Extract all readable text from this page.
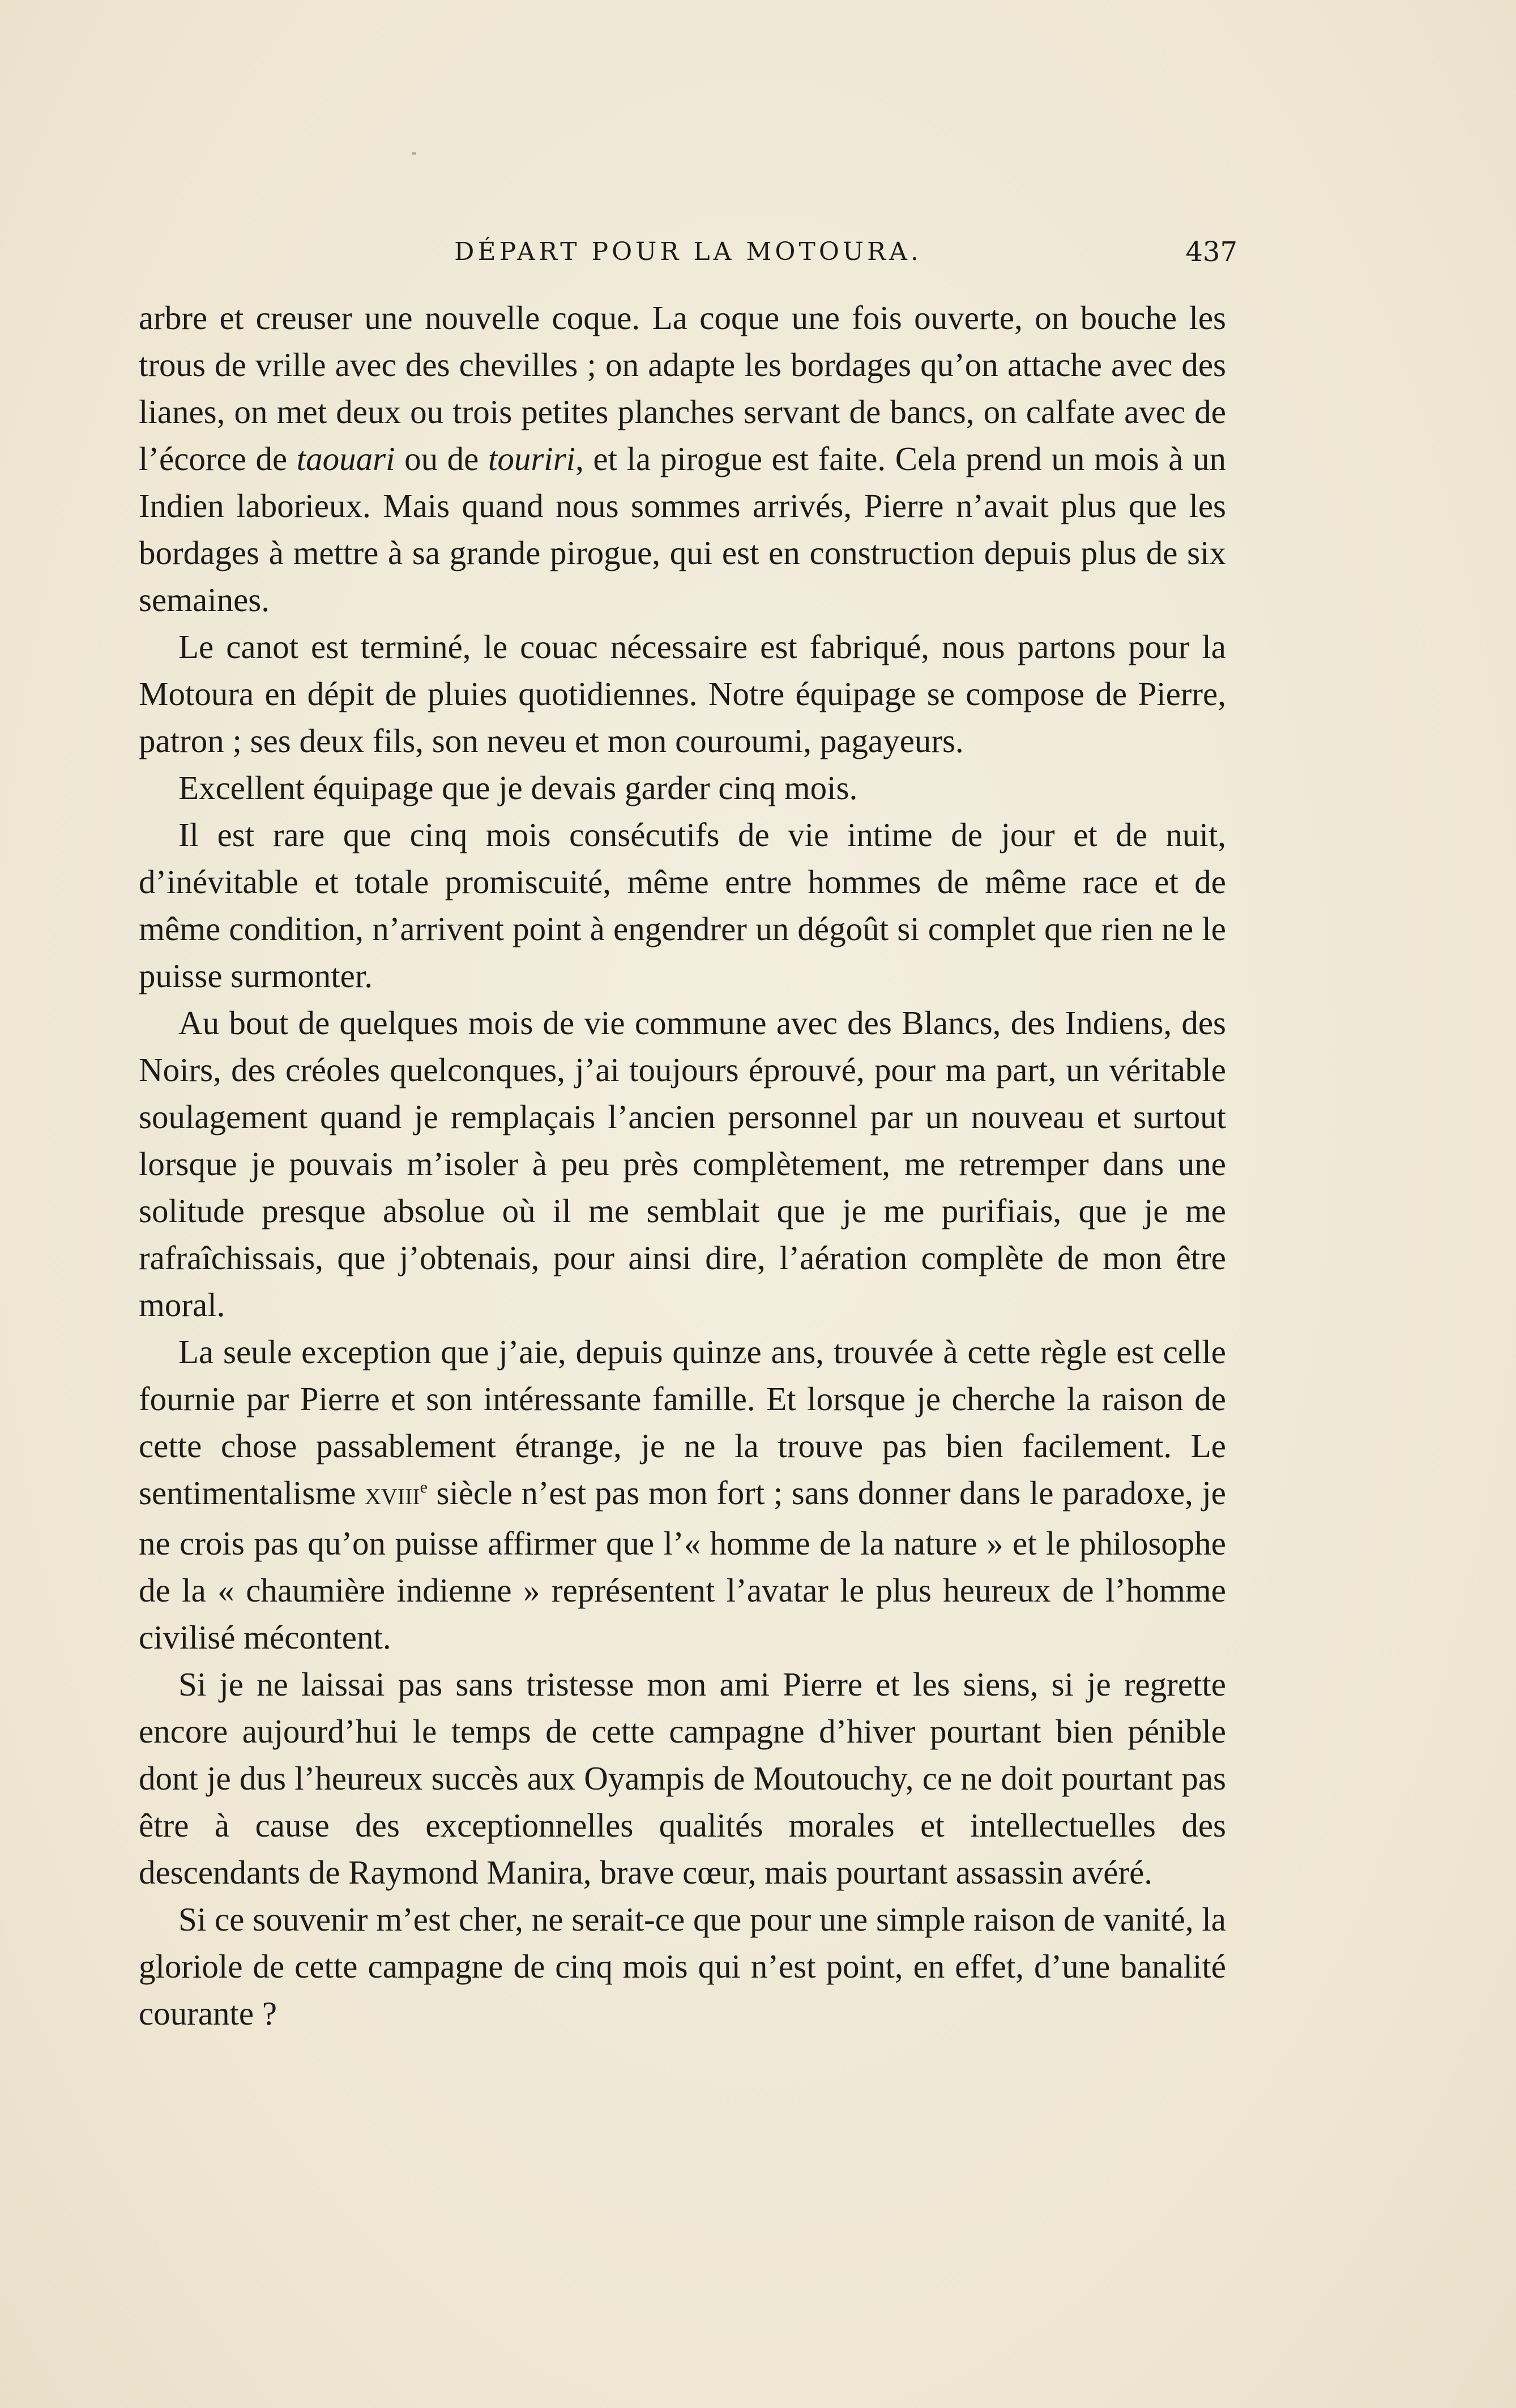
DÉPART POUR LA MOTOURA.	437

arbre et creuser une nouvelle coque. La coque une fois ouverte, on bouche les trous de vrille avec des chevilles ; on adapte les bordages qu’on attache avec des lianes, on met deux ou trois petites planches servant de bancs, on calfate avec de l’écorce de taouari ou de touriri, et la pirogue est faite. Cela prend un mois à un Indien laborieux. Mais quand nous sommes arrivés, Pierre n’avait plus que les bordages à mettre à sa grande pirogue, qui est en construction depuis plus de six semaines.

Le canot est terminé, le couac nécessaire est fabriqué, nous partons pour la Motoura en dépit de pluies quotidiennes. Notre équipage se compose de Pierre, patron ; ses deux fils, son neveu et mon couroumi, pagayeurs.

Excellent équipage que je devais garder cinq mois.

Il est rare que cinq mois consécutifs de vie intime de jour et de nuit, d’inévitable et totale promiscuité, même entre hommes de même race et de même condition, n’arrivent point à engendrer un dégoût si complet que rien ne le puisse surmonter.

Au bout de quelques mois de vie commune avec des Blancs, des Indiens, des Noirs, des créoles quelconques, j’ai toujours éprouvé, pour ma part, un véritable soulagement quand je remplaçais l’ancien personnel par un nouveau et surtout lorsque je pouvais m’isoler à peu près complètement, me retremper dans une solitude presque absolue où il me semblait que je me purifiais, que je me rafraîchissais, que j’obtenais, pour ainsi dire, l’aération complète de mon être moral.

La seule exception que j’aie, depuis quinze ans, trouvée à cette règle est celle fournie par Pierre et son intéressante famille. Et lorsque je cherche la raison de cette chose passablement étrange, je ne la trouve pas bien facilement. Le sentimentalisme XVIIIe siècle n’est pas mon fort ; sans donner dans le paradoxe, je ne crois pas qu’on puisse affirmer que l’« homme de la nature » et le philosophe de la « chaumière indienne » représentent l’avatar le plus heureux de l’homme civilisé mécontent.

Si je ne laissai pas sans tristesse mon ami Pierre et les siens, si je regrette encore aujourd’hui le temps de cette campagne d’hiver pourtant bien pénible dont je dus l’heureux succès aux Oyampis de Moutouchy, ce ne doit pourtant pas être à cause des exceptionnelles qualités morales et intellectuelles des descendants de Raymond Manira, brave cœur, mais pourtant assassin avéré.

Si ce souvenir m’est cher, ne serait-ce que pour une simple raison de vanité, la gloriole de cette campagne de cinq mois qui n’est point, en effet, d’une banalité courante ?
